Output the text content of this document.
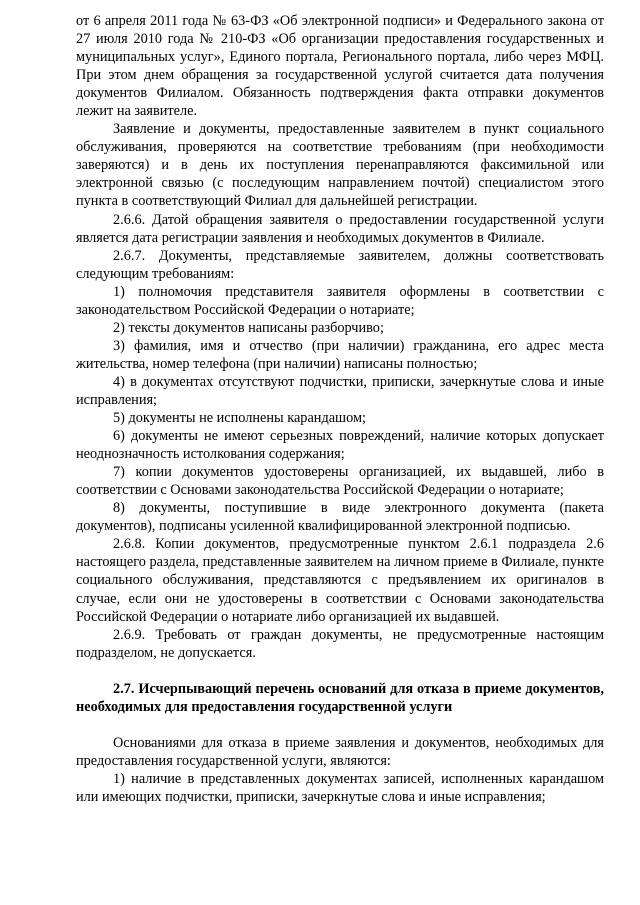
от 6 апреля 2011 года № 63-ФЗ «Об электронной подписи» и Федерального закона от 27 июля 2010 года № 210-ФЗ «Об организации предоставления государственных и муниципальных услуг», Единого портала, Регионального портала, либо через МФЦ. При этом днем обращения за государственной услугой считается дата получения документов Филиалом. Обязанность подтверждения факта отправки документов лежит на заявителе.

Заявление и документы, предоставленные заявителем в пункт социального обслуживания, проверяются на соответствие требованиям (при необходимости заверяются) и в день их поступления перенаправляются факсимильной или электронной связью (с последующим направлением почтой) специалистом этого пункта в соответствующий Филиал для дальнейшей регистрации.

2.6.6. Датой обращения заявителя о предоставлении государственной услуги является дата регистрации заявления и необходимых документов в Филиале.

2.6.7. Документы, представляемые заявителем, должны соответствовать следующим требованиям:

1) полномочия представителя заявителя оформлены в соответствии с законодательством Российской Федерации о нотариате;

2) тексты документов написаны разборчиво;

3) фамилия, имя и отчество (при наличии) гражданина, его адрес места жительства, номер телефона (при наличии) написаны полностью;

4) в документах отсутствуют подчистки, приписки, зачеркнутые слова и иные исправления;

5) документы не исполнены карандашом;

6) документы не имеют серьезных повреждений, наличие которых допускает неоднозначность истолкования содержания;

7) копии документов удостоверены организацией, их выдавшей, либо в соответствии с Основами законодательства Российской Федерации о нотариате;

8) документы, поступившие в виде электронного документа (пакета документов), подписаны усиленной квалифицированной электронной подписью.

2.6.8. Копии документов, предусмотренные пунктом 2.6.1 подраздела 2.6 настоящего раздела, представленные заявителем на личном приеме в Филиале, пункте социального обслуживания, представляются с предъявлением их оригиналов в случае, если они не удостоверены в соответствии с Основами законодательства Российской Федерации о нотариате либо организацией их выдавшей.

2.6.9. Требовать от граждан документы, не предусмотренные настоящим подразделом, не допускается.

2.7. Исчерпывающий перечень оснований для отказа в приеме документов, необходимых для предоставления государственной услуги

Основаниями для отказа в приеме заявления и документов, необходимых для предоставления государственной услуги, являются:

1) наличие в представленных документах записей, исполненных карандашом или имеющих подчистки, приписки, зачеркнутые слова и иные исправления;
